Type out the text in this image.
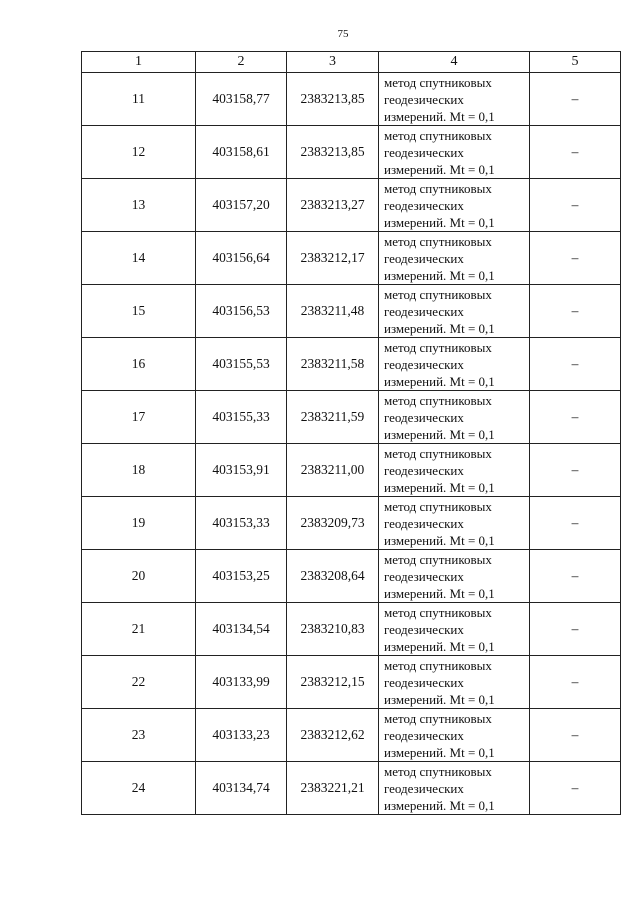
75
1	2	3	4	5
11	403158,77	2383213,85	метод спутниковых
геодезических
измерений. Mt = 0,1	–
12	403158,61	2383213,85	метод спутниковых
геодезических
измерений. Mt = 0,1	–
13	403157,20	2383213,27	метод спутниковых
геодезических
измерений. Mt = 0,1	–
14	403156,64	2383212,17	метод спутниковых
геодезических
измерений. Mt = 0,1	–
15	403156,53	2383211,48	метод спутниковых
геодезических
измерений. Mt = 0,1	–
16	403155,53	2383211,58	метод спутниковых
геодезических
измерений. Mt = 0,1	–
17	403155,33	2383211,59	метод спутниковых
геодезических
измерений. Mt = 0,1	–
18	403153,91	2383211,00	метод спутниковых
геодезических
измерений. Mt = 0,1	–
19	403153,33	2383209,73	метод спутниковых
геодезических
измерений. Mt = 0,1	–
20	403153,25	2383208,64	метод спутниковых
геодезических
измерений. Mt = 0,1	–
21	403134,54	2383210,83	метод спутниковых
геодезических
измерений. Mt = 0,1	–
22	403133,99	2383212,15	метод спутниковых
геодезических
измерений. Mt = 0,1	–
23	403133,23	2383212,62	метод спутниковых
геодезических
измерений. Mt = 0,1	–
24	403134,74	2383221,21	метод спутниковых
геодезических
измерений. Mt = 0,1	–
